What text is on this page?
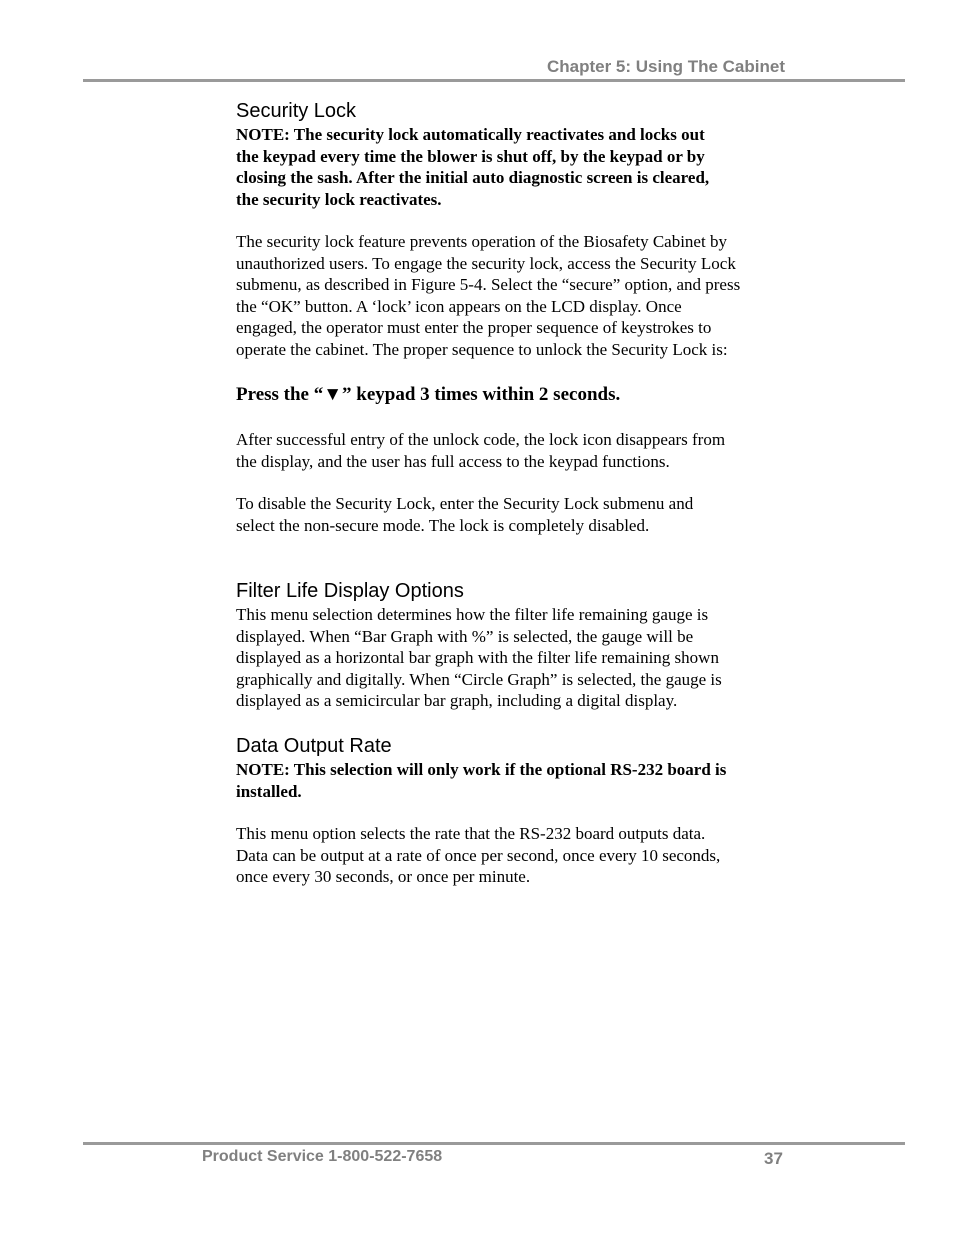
Chapter 5: Using The Cabinet
Security Lock

NOTE: The security lock automatically reactivates and locks out

the keypad every time the blower is shut off, by the keypad or by

closing the sash. After the initial auto diagnostic screen is cleared,

the security lock reactivates.

The security lock feature prevents operation of the Biosafety Cabinet by

unauthorized users. To engage the security lock, access the Security Lock

submenu, as described in Figure 5-4. Select the “secure” option, and press

the “OK” button. A ‘lock’ icon appears on the LCD display. Once

engaged, the operator must enter the proper sequence of keystrokes to

operate the cabinet. The proper sequence to unlock the Security Lock is:

Press the “▼” keypad 3 times within 2 seconds.

After successful entry of the unlock code, the lock icon disappears from

the display, and the user has full access to the keypad functions.

To disable the Security Lock, enter the Security Lock submenu and

select the non-secure mode. The lock is completely disabled.

Filter Life Display Options

This menu selection determines how the filter life remaining gauge is

displayed. When “Bar Graph with %” is selected, the gauge will be

displayed as a horizontal bar graph with the filter life remaining shown

graphically and digitally. When “Circle Graph” is selected, the gauge is

displayed as a semicircular bar graph, including a digital display.

Data Output Rate

NOTE: This selection will only work if the optional RS-232 board is

installed.

This menu option selects the rate that the RS-232 board outputs data.

Data can be output at a rate of once per second, once every 10 seconds,

once every 30 seconds, or once per minute.

Product Service 1-800-522-7658	37
